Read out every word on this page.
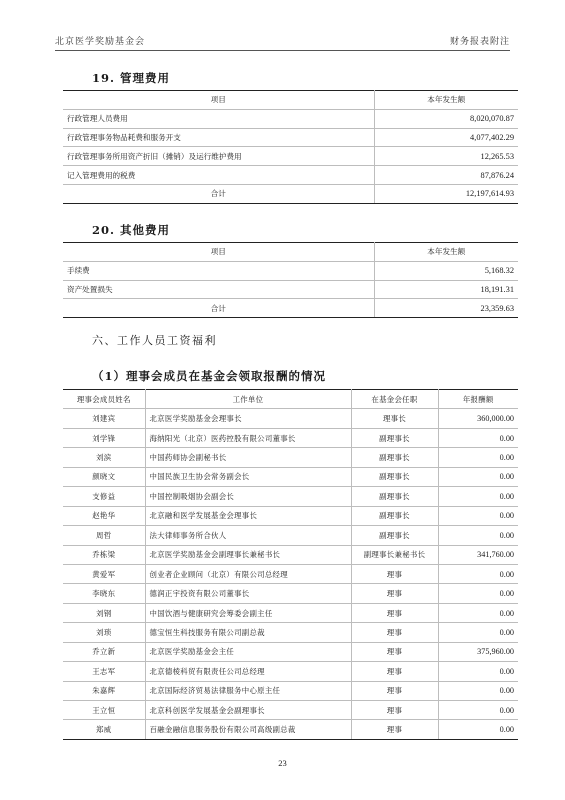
北京医学奖励基金会	财务报表附注
19. 管理费用
项目	本年发生额
行政管理人员费用	8,020,070.87
行政管理事务物品耗费和服务开支	4,077,402.29
行政管理事务所用资产折旧（摊销）及运行维护费用	12,265.53
记入管理费用的税费	87,876.24
合计	12,197,614.93
20. 其他费用
项目	本年发生额
手续费	5,168.32
资产处置损失	18,191.31
合计	23,359.63
六、工作人员工资福利
（1）理事会成员在基金会领取报酬的情况
理事会成员姓名	工作单位	在基金会任职	年报酬额
刘建宾	北京医学奖励基金会理事长	理事长	360,000.00
刘学锋	海纳阳光（北京）医药控股有限公司董事长	副理事长	0.00
刘滨	中国药师协会副秘书长	副理事长	0.00
颜晓文	中国民族卫生协会常务副会长	副理事长	0.00
支修益	中国控制吸烟协会副会长	副理事长	0.00
赵艳华	北京融和医学发展基金会理事长	副理事长	0.00
周哲	法大律师事务所合伙人	副理事长	0.00
乔栋梁	北京医学奖励基金会副理事长兼秘书长	副理事长兼秘书长	341,760.00
黄爱军	创业者企业顾问（北京）有限公司总经理	理事	0.00
李晓东	德润正宇投资有限公司董事长	理事	0.00
刘钢	中国饮酒与健康研究会筹委会副主任	理事	0.00
刘琐	德宝恒生科技服务有限公司副总裁	理事	0.00
乔立新	北京医学奖励基金会主任	理事	375,960.00
王志军	北京德棱科贸有限责任公司总经理	理事	0.00
朱嘉辉	北京国际经济贸易法律服务中心原主任	理事	0.00
王立恒	北京科创医学发展基金会副理事长	理事	0.00
郑威	百融金融信息服务股份有限公司高级副总裁	理事	0.00
23
